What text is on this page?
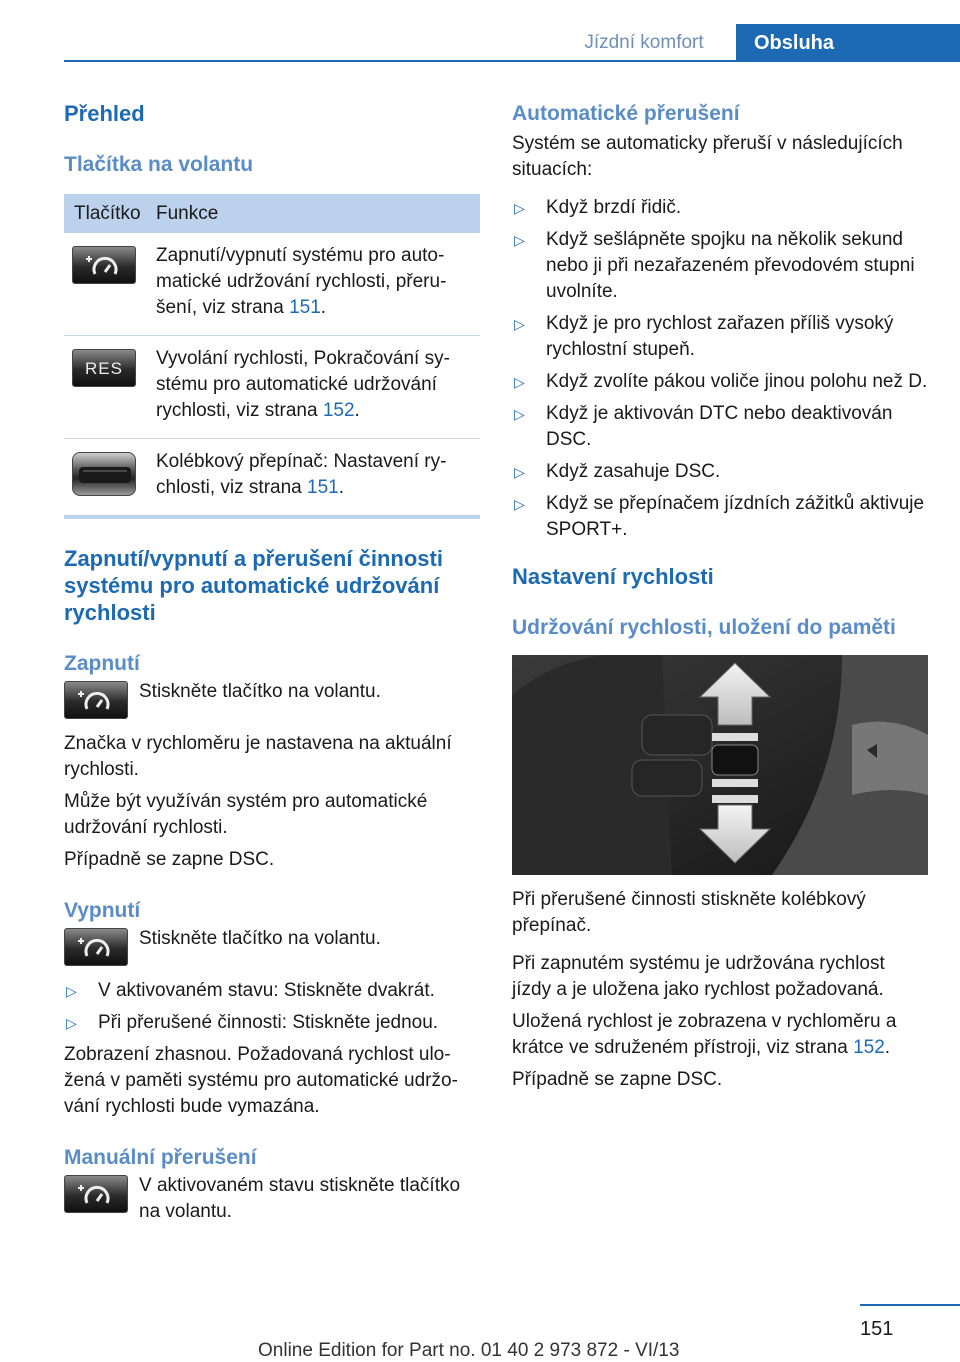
Jízdní komfort	Obsluha
Přehled
Tlačítka na volantu
Tlačítko Funkce
Zapnutí/vypnutí systému pro automatické udržování rychlosti, přerušení, viz strana 151.
RES	Vyvolání rychlosti, Pokračování systému pro automatické udržování rychlosti, viz strana 152.
Kolébkový přepínač: Nastavení rychlosti, viz strana 151.
Zapnutí/vypnutí a přerušení činnosti systému pro automatické udržování rychlosti
Zapnutí
Stiskněte tlačítko na volantu.
Značka v rychloměru je nastavena na aktuální rychlosti.
Může být využíván systém pro automatické udržování rychlosti.
Případně se zapne DSC.
Vypnutí
Stiskněte tlačítko na volantu.
▷	V aktivovaném stavu: Stiskněte dvakrát.
▷	Při přerušené činnosti: Stiskněte jednou.
Zobrazení zhasnou. Požadovaná rychlost uložená v paměti systému pro automatické udržování rychlosti bude vymazána.
Manuální přerušení
V aktivovaném stavu stiskněte tlačítko na volantu.
Automatické přerušení
Systém se automaticky přeruší v následujících situacích:
▷	Když brzdí řidič.
▷	Když sešlápněte spojku na několik sekund nebo ji při nezařazeném převodovém stupni uvolníte.
▷	Když je pro rychlost zařazen příliš vysoký rychlostní stupeň.
▷	Když zvolíte pákou voliče jinou polohu než D.
▷	Když je aktivován DTC nebo deaktivován DSC.
▷	Když zasahuje DSC.
▷	Když se přepínačem jízdních zážitků aktivuje SPORT+.
Nastavení rychlosti
Udržování rychlosti, uložení do paměti
Při přerušené činnosti stiskněte kolébkový přepínač.
Při zapnutém systému je udržována rychlost jízdy a je uložena jako rychlost požadovaná.
Uložená rychlost je zobrazena v rychloměru a krátce ve sdruženém přístroji, viz strana 152.
Případně se zapne DSC.
151
Online Edition for Part no. 01 40 2 973 872 - VI/13
